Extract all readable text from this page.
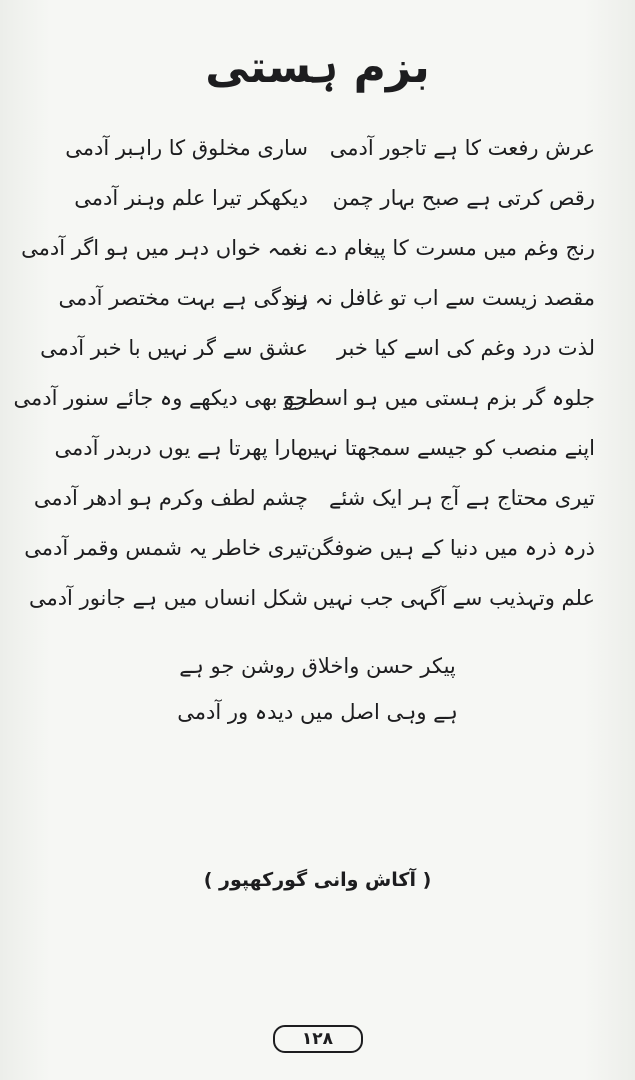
بزم ہستی
عرش رفعت کا ہے تاجور آدمی
ساری مخلوق کا راہبر آدمی
رقص کرتی ہے صبح بہار چمن
دیکھکر تیرا علم وہنر آدمی
رنج وغم میں مسرت کا پیغام دے
نغمہ خواں دہر میں ہو اگر آدمی
مقصد زیست سے اب تو غافل نہ ہو
زندگی ہے بہت مختصر آدمی
لذت درد وغم کی اسے کیا خبر
عشق سے گر نہیں با خبر آدمی
جلوہ گر بزم ہستی میں ہو اسطرح
جو بھی دیکھے وہ جائے سنور آدمی
اپنے منصب کو جیسے سمجھتا نہیں
مارا پھرتا ہے یوں دربدر آدمی
تیری محتاج ہے آج ہر ایک شئے
چشم لطف وکرم ہو ادھر آدمی
ذرہ ذرہ میں دنیا کے ہیں ضوفگن
تیری خاطر یہ شمس وقمر آدمی
علم وتہذیب سے آگہی جب نہیں
شکل انساں میں ہے جانور آدمی
پیکر حسن واخلاق روشن جو ہے
ہے وہی اصل میں دیدہ ور آدمی
( آکاش وانی گورکھپور )
۱۲۸
